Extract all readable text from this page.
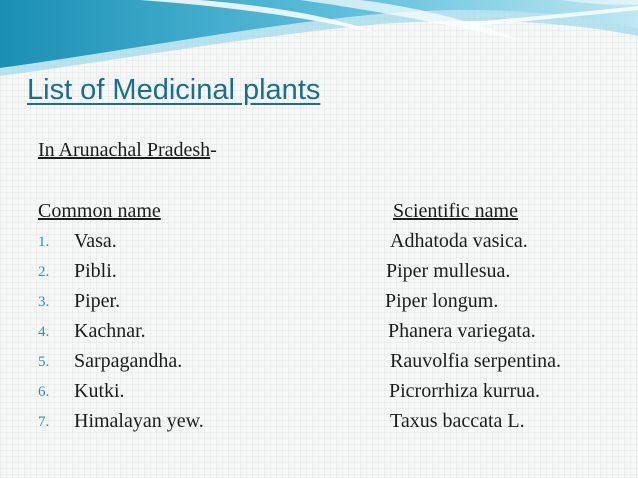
List of Medicinal plants
In Arunachal Pradesh-
Common name	Scientific name
1. Vasa.	Adhatoda vasica.
2. Pibli.	Piper mullesua.
3. Piper.	Piper longum.
4. Kachnar.	Phanera variegata.
5. Sarpagandha.	Rauvolfia serpentina.
6. Kutki.	Picrorrhiza kurrua.
7. Himalayan yew.	Taxus baccata L.
